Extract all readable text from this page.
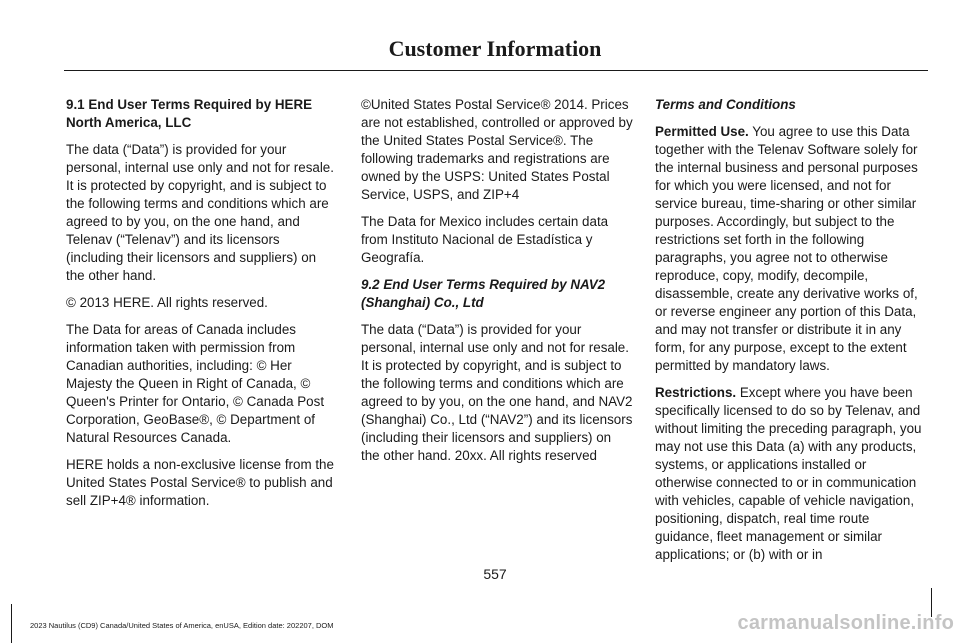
Customer Information

9.1 End User Terms Required by HERE North America, LLC

The data (“Data”) is provided for your personal, internal use only and not for resale. It is protected by copyright, and is subject to the following terms and conditions which are agreed to by you, on the one hand, and Telenav (“Telenav”) and its licensors (including their licensors and suppliers) on the other hand.

© 2013 HERE. All rights reserved.

The Data for areas of Canada includes information taken with permission from Canadian authorities, including: © Her Majesty the Queen in Right of Canada, © Queen's Printer for Ontario, © Canada Post Corporation, GeoBase®, © Department of Natural Resources Canada.

HERE holds a non-exclusive license from the United States Postal Service® to publish and sell ZIP+4® information.

©United States Postal Service® 2014. Prices are not established, controlled or approved by the United States Postal Service®. The following trademarks and registrations are owned by the USPS: United States Postal Service, USPS, and ZIP+4

The Data for Mexico includes certain data from Instituto Nacional de Estadística y Geografía.

9.2 End User Terms Required by NAV2 (Shanghai) Co., Ltd

The data (“Data”) is provided for your personal, internal use only and not for resale. It is protected by copyright, and is subject to the following terms and conditions which are agreed to by you, on the one hand, and NAV2 (Shanghai) Co., Ltd (“NAV2”) and its licensors (including their licensors and suppliers) on the other hand. 20xx. All rights reserved

Terms and Conditions

Permitted Use. You agree to use this Data together with the Telenav Software solely for the internal business and personal purposes for which you were licensed, and not for service bureau, time-sharing or other similar purposes. Accordingly, but subject to the restrictions set forth in the following paragraphs, you agree not to otherwise reproduce, copy, modify, decompile, disassemble, create any derivative works of, or reverse engineer any portion of this Data, and may not transfer or distribute it in any form, for any purpose, except to the extent permitted by mandatory laws.

Restrictions. Except where you have been specifically licensed to do so by Telenav, and without limiting the preceding paragraph, you may not use this Data (a) with any products, systems, or applications installed or otherwise connected to or in communication with vehicles, capable of vehicle navigation, positioning, dispatch, real time route guidance, fleet management or similar applications; or (b) with or in

557
2023 Nautilus (CD9) Canada/United States of America, enUSA, Edition date: 202207, DOM	carmanualsonline.info
